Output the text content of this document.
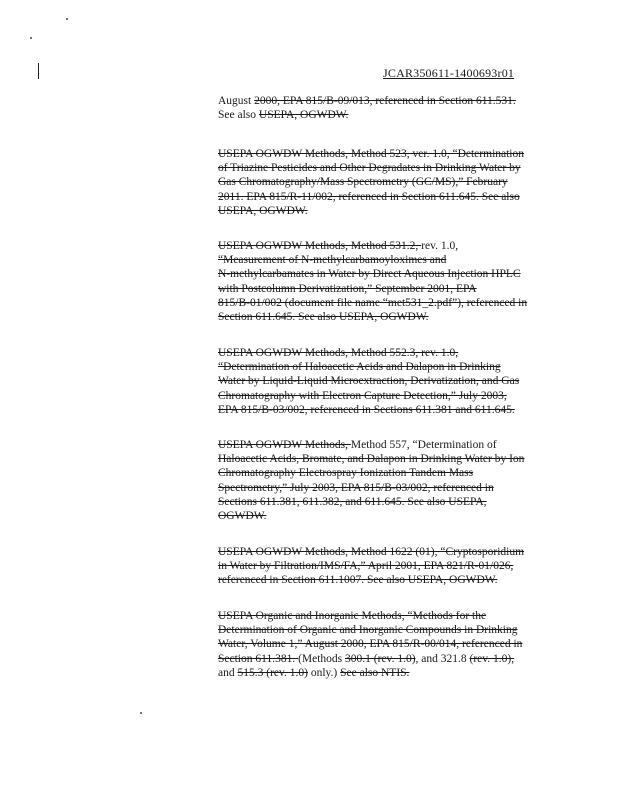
JCAR350611-1400693r01
August 2000, EPA 815/B-09/013, referenced in Section 611.531.
See also USEPA, OGWDW.
USEPA OGWDW Methods, Method 523, ver. 1.0, “Determination
of Triazine Pesticides and Other Degradates in Drinking Water by
Gas Chromatography/Mass Spectrometry (GC/MS),” February
2011. EPA 815/R-11/002, referenced in Section 611.645. See also
USEPA, OGWDW.
USEPA OGWDW Methods, Method 531.2, rev. 1.0,
“Measurement of N-methylcarbamoyloximes and
N-methylcarbamates in Water by Direct Aqueous Injection HPLC
with Postcolumn Derivatization,” September 2001, EPA
815/B-01/002 (document file name “met531_2.pdf”), referenced in
Section 611.645. See also USEPA, OGWDW.
USEPA OGWDW Methods, Method 552.3, rev. 1.0,
“Determination of Haloacetic Acids and Dalapon in Drinking
Water by Liquid-Liquid Microextraction, Derivatization, and Gas
Chromatography with Electron Capture Detection,” July 2003,
EPA 815/B-03/002, referenced in Sections 611.381 and 611.645.
USEPA OGWDW Methods, Method 557, “Determination of
Haloacetic Acids, Bromate, and Dalapon in Drinking Water by Ion
Chromatography Electrospray Ionization Tandem Mass
Spectrometry,” July 2003, EPA 815/B-03/002, referenced in
Sections 611.381, 611.382, and 611.645. See also USEPA,
OGWDW.
USEPA OGWDW Methods, Method 1622 (01), “Cryptosporidium
in Water by Filtration/IMS/FA,” April 2001, EPA 821/R-01/026,
referenced in Section 611.1007. See also USEPA, OGWDW.
USEPA Organic and Inorganic Methods, “Methods for the
Determination of Organic and Inorganic Compounds in Drinking
Water, Volume 1,” August 2000, EPA 815/R-00/014, referenced in
Section 611.381. (Methods 300.1 (rev. 1.0), and 321.8 (rev. 1.0),
and 515.3 (rev. 1.0) only.) See also NTIS.
